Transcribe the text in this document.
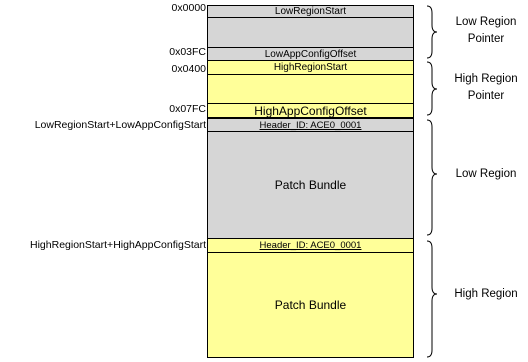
0x0000
0x03FC
0x0400
0x07FC
LowRegionStart+LowAppConfigStart
HighRegionStart+HighAppConfigStart
LowRegionStart
LowAppConfigOffset
HighRegionStart
HighAppConfigOffset
Header_ID: ACE0_0001
Patch Bundle
Header_ID: ACE0_0001
Patch Bundle
Low Region
Pointer
High Region
Pointer
Low Region
High Region
